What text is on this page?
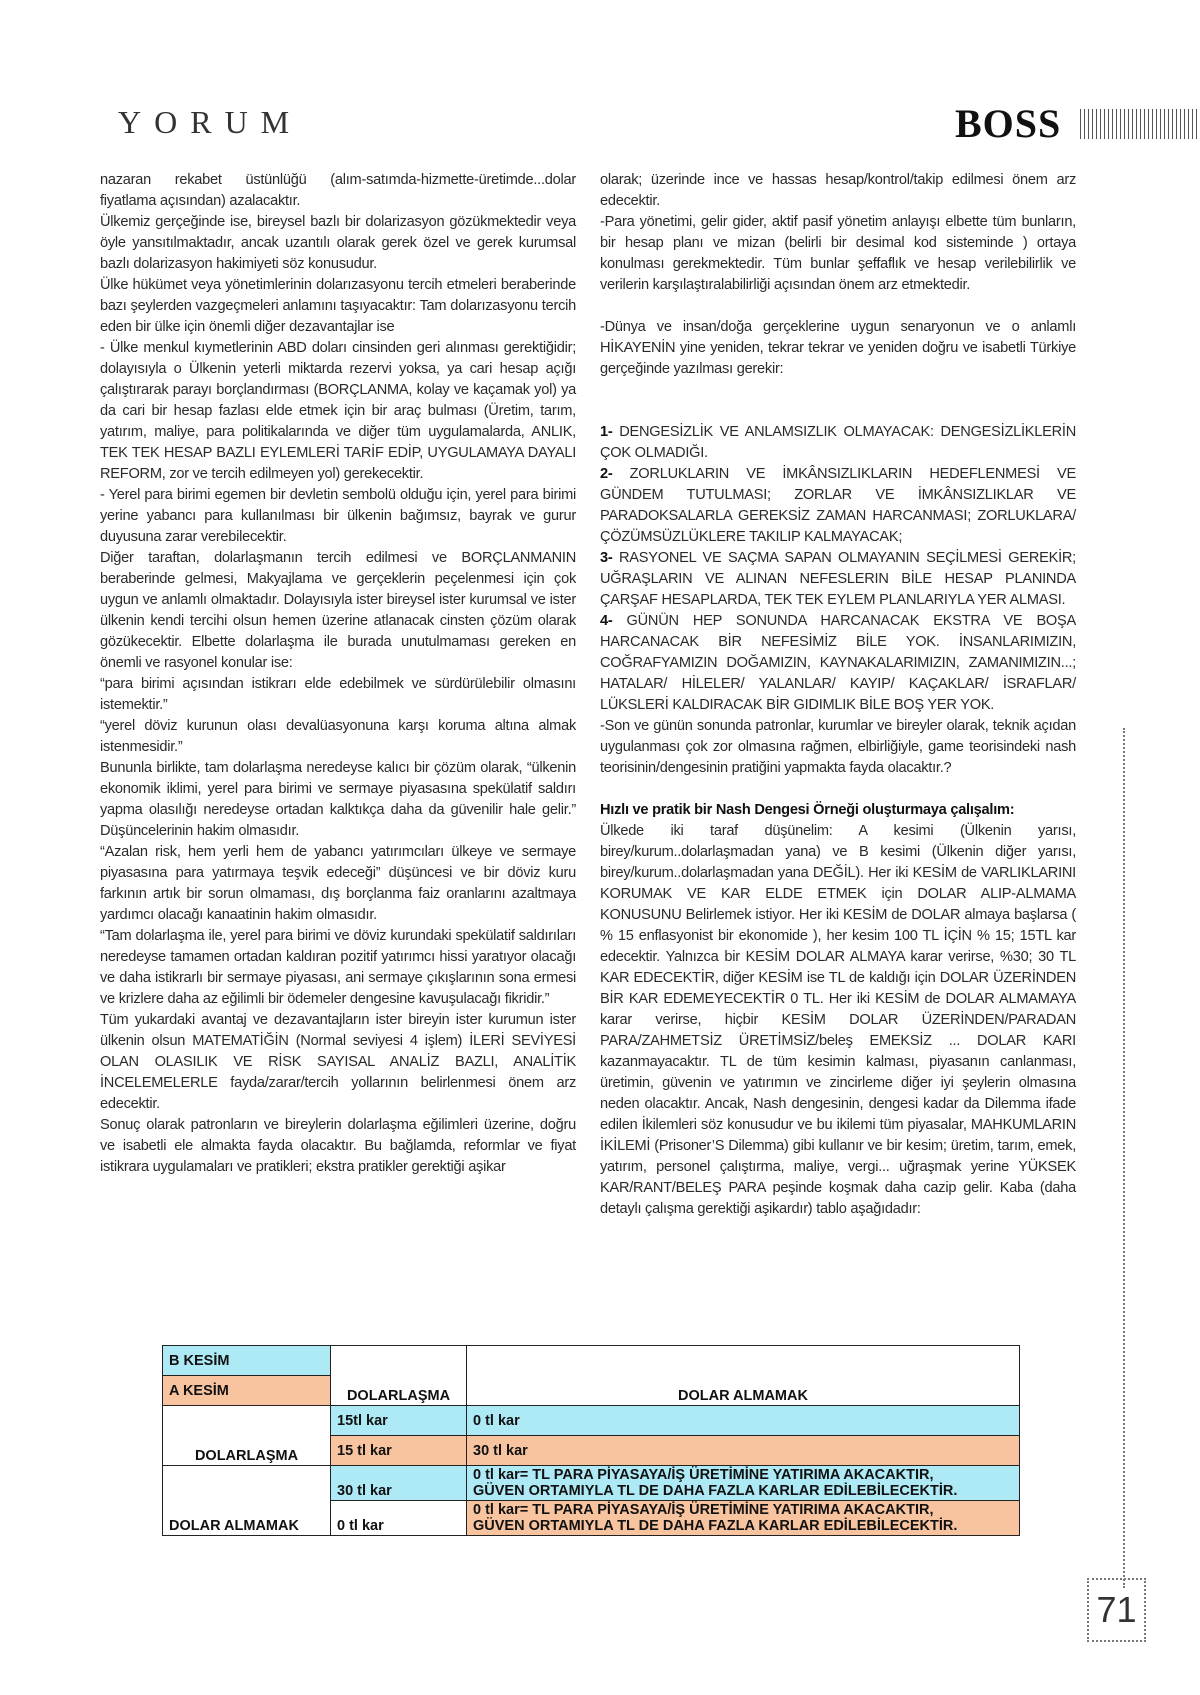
YORUM	BOSS

nazaran rekabet üstünlüğü (alım-satımda-hizmette-üretimde...dolar fiyatlama açısından) azalacaktır.

Ülkemiz gerçeğinde ise, bireysel bazlı bir dolarizasyon gözükmektedir veya öyle yansıtılmaktadır, ancak uzantılı olarak gerek özel ve gerek kurumsal bazlı dolarizasyon hakimiyeti söz konusudur.

Ülke hükümet veya yönetimlerinin dolarızasyonu tercih etmeleri beraberinde bazı şeylerden vazgeçmeleri anlamını taşıyacaktır: Tam dolarızasyonu tercih eden bir ülke için önemli diğer dezavantajlar ise

- Ülke menkul kıymetlerinin ABD doları cinsinden geri alınması gerektiğidir; dolayısıyla o Ülkenin yeterli miktarda rezervi yoksa, ya cari hesap açığı çalıştırarak parayı borçlandırması (BORÇLANMA, kolay ve kaçamak yol) ya da cari bir hesap fazlası elde etmek için bir araç bulması (Üretim, tarım, yatırım, maliye, para politikalarında ve diğer tüm uygulamalarda, ANLIK, TEK TEK HESAP BAZLI EYLEMLERİ TARİF EDİP, UYGULAMAYA DAYALI REFORM, zor ve tercih edilmeyen yol) gerekecektir.

- Yerel para birimi egemen bir devletin sembolü olduğu için, yerel para birimi yerine yabancı para kullanılması bir ülkenin bağımsız, bayrak ve gurur duyusuna zarar verebilecektir.

Diğer taraftan, dolarlaşmanın tercih edilmesi ve BORÇLANMANIN beraberinde gelmesi, Makyajlama ve gerçeklerin peçelenmesi için çok uygun ve anlamlı olmaktadır. Dolayısıyla ister bireysel ister kurumsal ve ister ülkenin kendi tercihi olsun hemen üzerine atlanacak cinsten çözüm olarak gözükecektir. Elbette dolarlaşma ile burada unutulmaması gereken en önemli ve rasyonel konular ise:

“para birimi açısından istikrarı elde edebilmek ve sürdürülebilir olmasını istemektir.”

“yerel döviz kurunun olası devalüasyonuna karşı koruma altına almak istenmesidir.”

Bununla birlikte, tam dolarlaşma neredeyse kalıcı bir çözüm olarak, “ülkenin ekonomik iklimi, yerel para birimi ve sermaye piyasasına spekülatif saldırı yapma olasılığı neredeyse ortadan kalktıkça daha da güvenilir hale gelir.” Düşüncelerinin hakim olmasıdır.

“Azalan risk, hem yerli hem de yabancı yatırımcıları ülkeye ve sermaye piyasasına para yatırmaya teşvik edeceği” düşüncesi ve bir döviz kuru farkının artık bir sorun olmaması, dış borçlanma faiz oranlarını azaltmaya yardımcı olacağı kanaatinin hakim olmasıdır.

“Tam dolarlaşma ile, yerel para birimi ve döviz kurundaki spekülatif saldırıları neredeyse tamamen ortadan kaldıran pozitif yatırımcı hissi yaratıyor olacağı ve daha istikrarlı bir sermaye piyasası, ani sermaye çıkışlarının sona ermesi ve krizlere daha az eğilimli bir ödemeler dengesine kavuşulacağı fikridir.”

Tüm yukardaki avantaj ve dezavantajların ister bireyin ister kurumun ister ülkenin olsun MATEMATİĞİN (Normal seviyesi 4 işlem) İLERİ SEVİYESİ OLAN OLASILIK VE RİSK SAYISAL ANALİZ BAZLI, ANALİTİK İNCELEMELERLE fayda/zarar/tercih yollarının belirlenmesi önem arz edecektir.

Sonuç olarak patronların ve bireylerin dolarlaşma eğilimleri üzerine, doğru ve isabetli ele almakta fayda olacaktır. Bu bağlamda, reformlar ve fiyat istikrara uygulamaları ve pratikleri; ekstra pratikler gerektiği aşikar

olarak; üzerinde ince ve hassas hesap/kontrol/takip edilmesi önem arz edecektir.

-Para yönetimi, gelir gider, aktif pasif yönetim anlayışı elbette tüm bunların, bir hesap planı ve mizan (belirli bir desimal kod sisteminde ) ortaya konulması gerekmektedir. Tüm bunlar şeffaflık ve hesap verilebilirlik ve verilerin karşılaştıralabilirliği açısından önem arz etmektedir.

-Dünya ve insan/doğa gerçeklerine uygun senaryonun ve o anlamlı HİKAYENİN yine yeniden, tekrar tekrar ve yeniden doğru ve isabetli Türkiye gerçeğinde yazılması gerekir:

1- DENGESİZLİK VE ANLAMSIZLIK OLMAYACAK: DENGESİZLİKLERİN ÇOK OLMADIĞI.

2- ZORLUKLARIN VE İMKÂNSIZLIKLARIN HEDEFLENMESİ VE GÜNDEM TUTULMASI; ZORLAR VE İMKÂNSIZLIKLAR VE PARADOKSALARLA GEREKSİZ ZAMAN HARCANMASI; ZORLUKLARA/ÇÖZÜMSÜZLÜKLERE TAKILIP KALMAYACAK;

3- RASYONEL VE SAÇMA SAPAN OLMAYANIN SEÇİLMESİ GEREKİR; UĞRAŞLARIN VE ALINAN NEFESLERIN BİLE HESAP PLANINDA ÇARŞAF HESAPLARDA, TEK TEK EYLEM PLANLARIYLA YER ALMASI.

4- GÜNÜN HEP SONUNDA HARCANACAK EKSTRA VE BOŞA HARCANACAK BİR NEFESİMİZ BİLE YOK. İNSANLARIMIZIN, COĞRAFYAMIZIN DOĞAMIZIN, KAYNAKALARIMIZIN, ZAMANIMIZIN...; HATALAR/ HİLELER/ YALANLAR/ KAYIP/ KAÇAKLAR/ İSRAFLAR/ LÜKSLERİ KALDIRACAK BİR GIDIMLIK BİLE BOŞ YER YOK.

-Son ve günün sonunda patronlar, kurumlar ve bireyler olarak, teknik açıdan uygulanması çok zor olmasına rağmen, elbirliğiyle, game teorisindeki nash teorisinin/dengesinin pratiğini yapmakta fayda olacaktır.?

Hızlı ve pratik bir Nash Dengesi Örneği oluşturmaya çalışalım:

Ülkede iki taraf düşünelim: A kesimi (Ülkenin yarısı, birey/kurum..dolarlaşmadan yana) ve B kesimi (Ülkenin diğer yarısı, birey/kurum..dolarlaşmadan yana DEĞİL). Her iki KESİM de VARLIKLARINI KORUMAK VE KAR ELDE ETMEK için DOLAR ALIP-ALMAMA KONUSUNU Belirlemek istiyor. Her iki KESİM de DOLAR almaya başlarsa ( % 15 enflasyonist bir ekonomide ), her kesim 100 TL İÇİN % 15; 15TL kar edecektir. Yalnızca bir KESİM DOLAR ALMAYA karar verirse, %30; 30 TL KAR EDECEKTİR, diğer KESİM ise TL de kaldığı için DOLAR ÜZERİNDEN BİR KAR EDEMEYECEKTİR 0 TL. Her iki KESİM de DOLAR ALMAMAYA karar verirse, hiçbir KESİM DOLAR ÜZERİNDEN/PARADAN PARA/ZAHMETSİZ ÜRETİMSİZ/beleş EMEKSİZ ... DOLAR KARI kazanmayacaktır. TL de tüm kesimin kalması, piyasanın canlanması, üretimin, güvenin ve yatırımın ve zincirleme diğer iyi şeylerin olmasına neden olacaktır. Ancak, Nash dengesinin, dengesi kadar da Dilemma ifade edilen İkilemleri söz konusudur ve bu ikilemi tüm piyasalar, MAHKUMLARIN İKİLEMİ (Prisoner’S Dilemma) gibi kullanır ve bir kesim; üretim, tarım, emek, yatırım, personel çalıştırma, maliye, vergi... uğraşmak yerine YÜKSEK KAR/RANT/BELEŞ PARA peşinde koşmak daha cazip gelir. Kaba (daha detaylı çalışma gerektiği aşikardır) tablo aşağıdadır:

B KESİM	DOLARLAŞMA	DOLAR ALMAMAK
A KESİM		
DOLARLAŞMA	15tl kar	0 tl kar
	15 tl kar	30 tl kar
DOLAR ALMAMAK	30 tl kar	0 tl kar= TL PARA PİYASAYA/İŞ ÜRETİMİNE YATIRIMA AKACAKTIR,
GÜVEN ORTAMIYLA TL DE DAHA FAZLA KARLAR EDİLEBİLECEKTİR.

	0 tl kar	0 tl kar= TL PARA PİYASAYA/İŞ ÜRETİMİNE YATIRIMA AKACAKTIR,
GÜVEN ORTAMIYLA TL DE DAHA FAZLA KARLAR EDİLEBİLECEKTİR.
71
